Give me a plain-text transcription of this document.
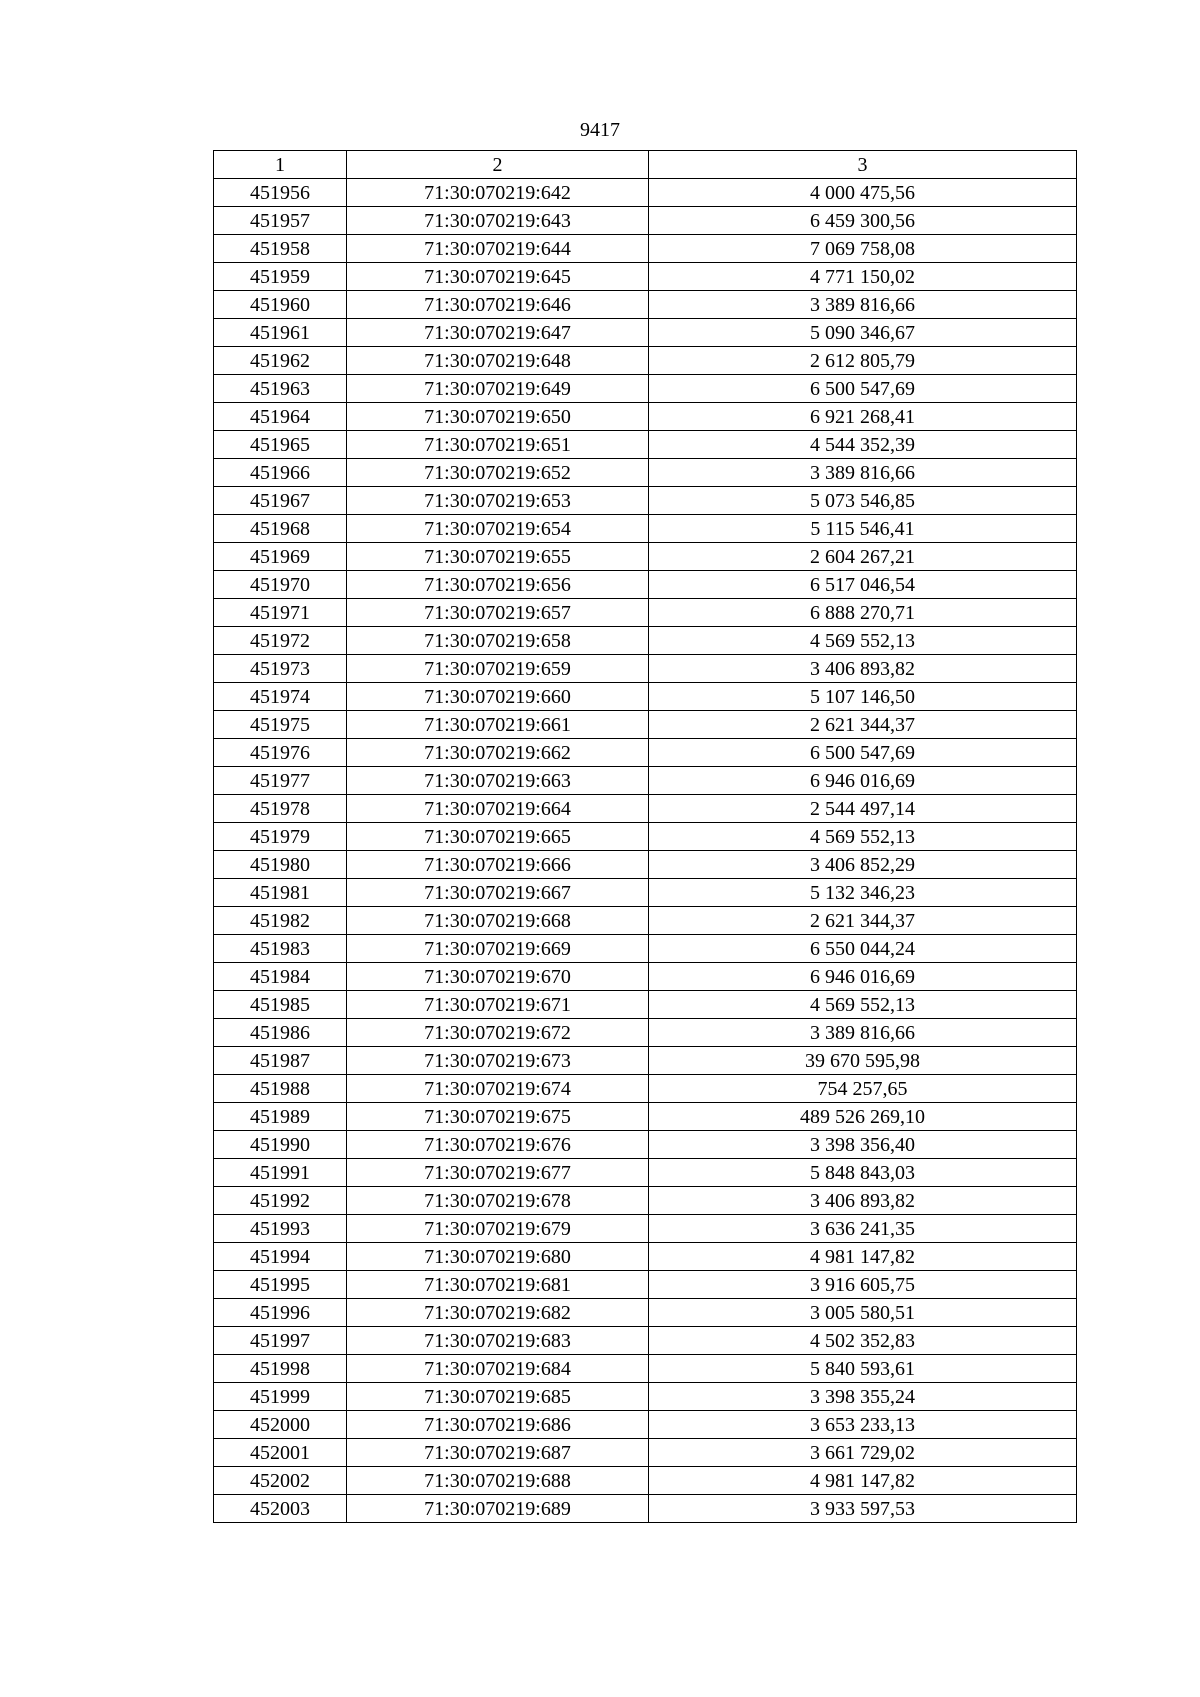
9417
1	2	3
451956	71:30:070219:642	4 000 475,56
451957	71:30:070219:643	6 459 300,56
451958	71:30:070219:644	7 069 758,08
451959	71:30:070219:645	4 771 150,02
451960	71:30:070219:646	3 389 816,66
451961	71:30:070219:647	5 090 346,67
451962	71:30:070219:648	2 612 805,79
451963	71:30:070219:649	6 500 547,69
451964	71:30:070219:650	6 921 268,41
451965	71:30:070219:651	4 544 352,39
451966	71:30:070219:652	3 389 816,66
451967	71:30:070219:653	5 073 546,85
451968	71:30:070219:654	5 115 546,41
451969	71:30:070219:655	2 604 267,21
451970	71:30:070219:656	6 517 046,54
451971	71:30:070219:657	6 888 270,71
451972	71:30:070219:658	4 569 552,13
451973	71:30:070219:659	3 406 893,82
451974	71:30:070219:660	5 107 146,50
451975	71:30:070219:661	2 621 344,37
451976	71:30:070219:662	6 500 547,69
451977	71:30:070219:663	6 946 016,69
451978	71:30:070219:664	2 544 497,14
451979	71:30:070219:665	4 569 552,13
451980	71:30:070219:666	3 406 852,29
451981	71:30:070219:667	5 132 346,23
451982	71:30:070219:668	2 621 344,37
451983	71:30:070219:669	6 550 044,24
451984	71:30:070219:670	6 946 016,69
451985	71:30:070219:671	4 569 552,13
451986	71:30:070219:672	3 389 816,66
451987	71:30:070219:673	39 670 595,98
451988	71:30:070219:674	754 257,65
451989	71:30:070219:675	489 526 269,10
451990	71:30:070219:676	3 398 356,40
451991	71:30:070219:677	5 848 843,03
451992	71:30:070219:678	3 406 893,82
451993	71:30:070219:679	3 636 241,35
451994	71:30:070219:680	4 981 147,82
451995	71:30:070219:681	3 916 605,75
451996	71:30:070219:682	3 005 580,51
451997	71:30:070219:683	4 502 352,83
451998	71:30:070219:684	5 840 593,61
451999	71:30:070219:685	3 398 355,24
452000	71:30:070219:686	3 653 233,13
452001	71:30:070219:687	3 661 729,02
452002	71:30:070219:688	4 981 147,82
452003	71:30:070219:689	3 933 597,53
